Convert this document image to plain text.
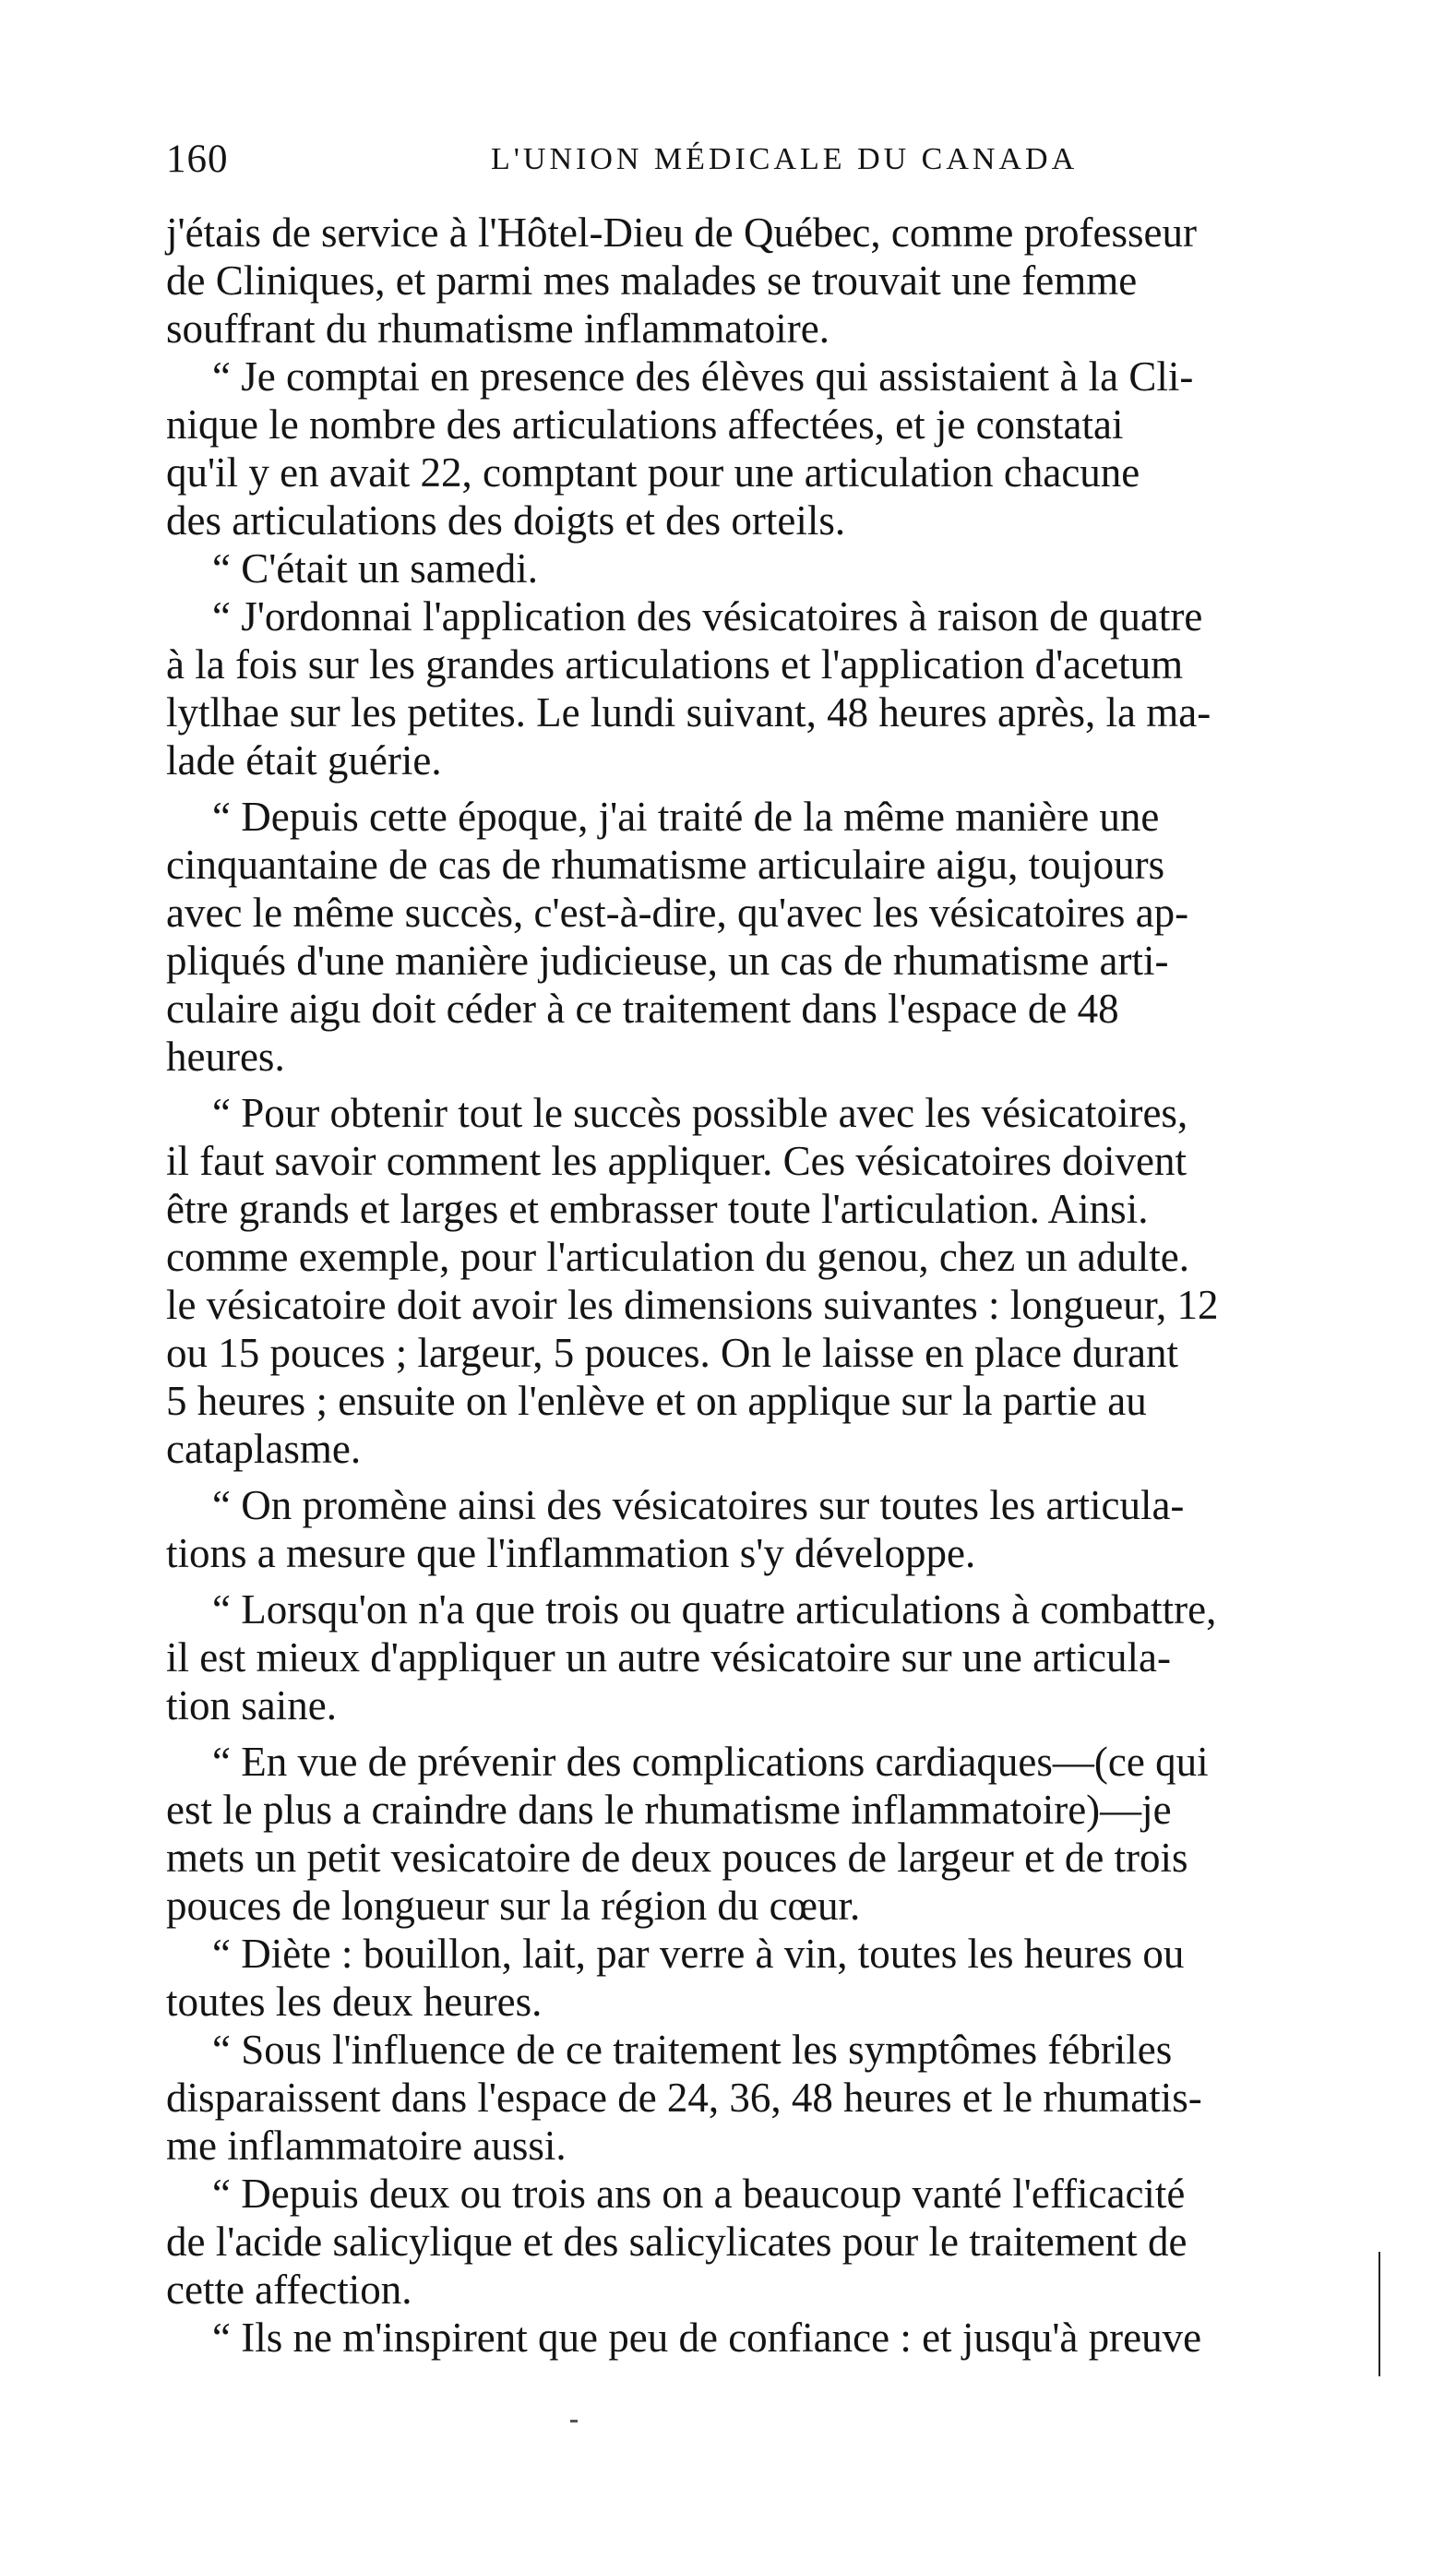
160	L'UNION MÉDICALE DU CANADA
j'étais de service à l'Hôtel-Dieu de Québec, comme professeur
de Cliniques, et parmi mes malades se trouvait une femme
souffrant du rhumatisme inflammatoire.
“ Je comptai en presence des élèves qui assistaient à la Cli-
nique le nombre des articulations affectées, et je constatai
qu'il y en avait 22, comptant pour une articulation chacune
des articulations des doigts et des orteils.
“ C'était un samedi.
“ J'ordonnai l'application des vésicatoires à raison de quatre
à la fois sur les grandes articulations et l'application d'acetum
lytlhae sur les petites. Le lundi suivant, 48 heures après, la ma-
lade était guérie.
“ Depuis cette époque, j'ai traité de la même manière une
cinquantaine de cas de rhumatisme articulaire aigu, toujours
avec le même succès, c'est-à-dire, qu'avec les vésicatoires ap-
pliqués d'une manière judicieuse, un cas de rhumatisme arti-
culaire aigu doit céder à ce traitement dans l'espace de 48
heures.
“ Pour obtenir tout le succès possible avec les vésicatoires,
il faut savoir comment les appliquer. Ces vésicatoires doivent
être grands et larges et embrasser toute l'articulation. Ainsi.
comme exemple, pour l'articulation du genou, chez un adulte.
le vésicatoire doit avoir les dimensions suivantes : longueur, 12
ou 15 pouces ; largeur, 5 pouces. On le laisse en place durant
5 heures ; ensuite on l'enlève et on applique sur la partie au
cataplasme.
“ On promène ainsi des vésicatoires sur toutes les articula-
tions a mesure que l'inflammation s'y développe.
“ Lorsqu'on n'a que trois ou quatre articulations à combattre,
il est mieux d'appliquer un autre vésicatoire sur une articula-
tion saine.
“ En vue de prévenir des complications cardiaques—(ce qui
est le plus a craindre dans le rhumatisme inflammatoire)—je
mets un petit vesicatoire de deux pouces de largeur et de trois
pouces de longueur sur la région du cœur.
“ Diète : bouillon, lait, par verre à vin, toutes les heures ou
toutes les deux heures.
“ Sous l'influence de ce traitement les symptômes fébriles
disparaissent dans l'espace de 24, 36, 48 heures et le rhumatis-
me inflammatoire aussi.
“ Depuis deux ou trois ans on a beaucoup vanté l'efficacité
de l'acide salicylique et des salicylicates pour le traitement de
cette affection.
“ Ils ne m'inspirent que peu de confiance : et jusqu'à preuve
